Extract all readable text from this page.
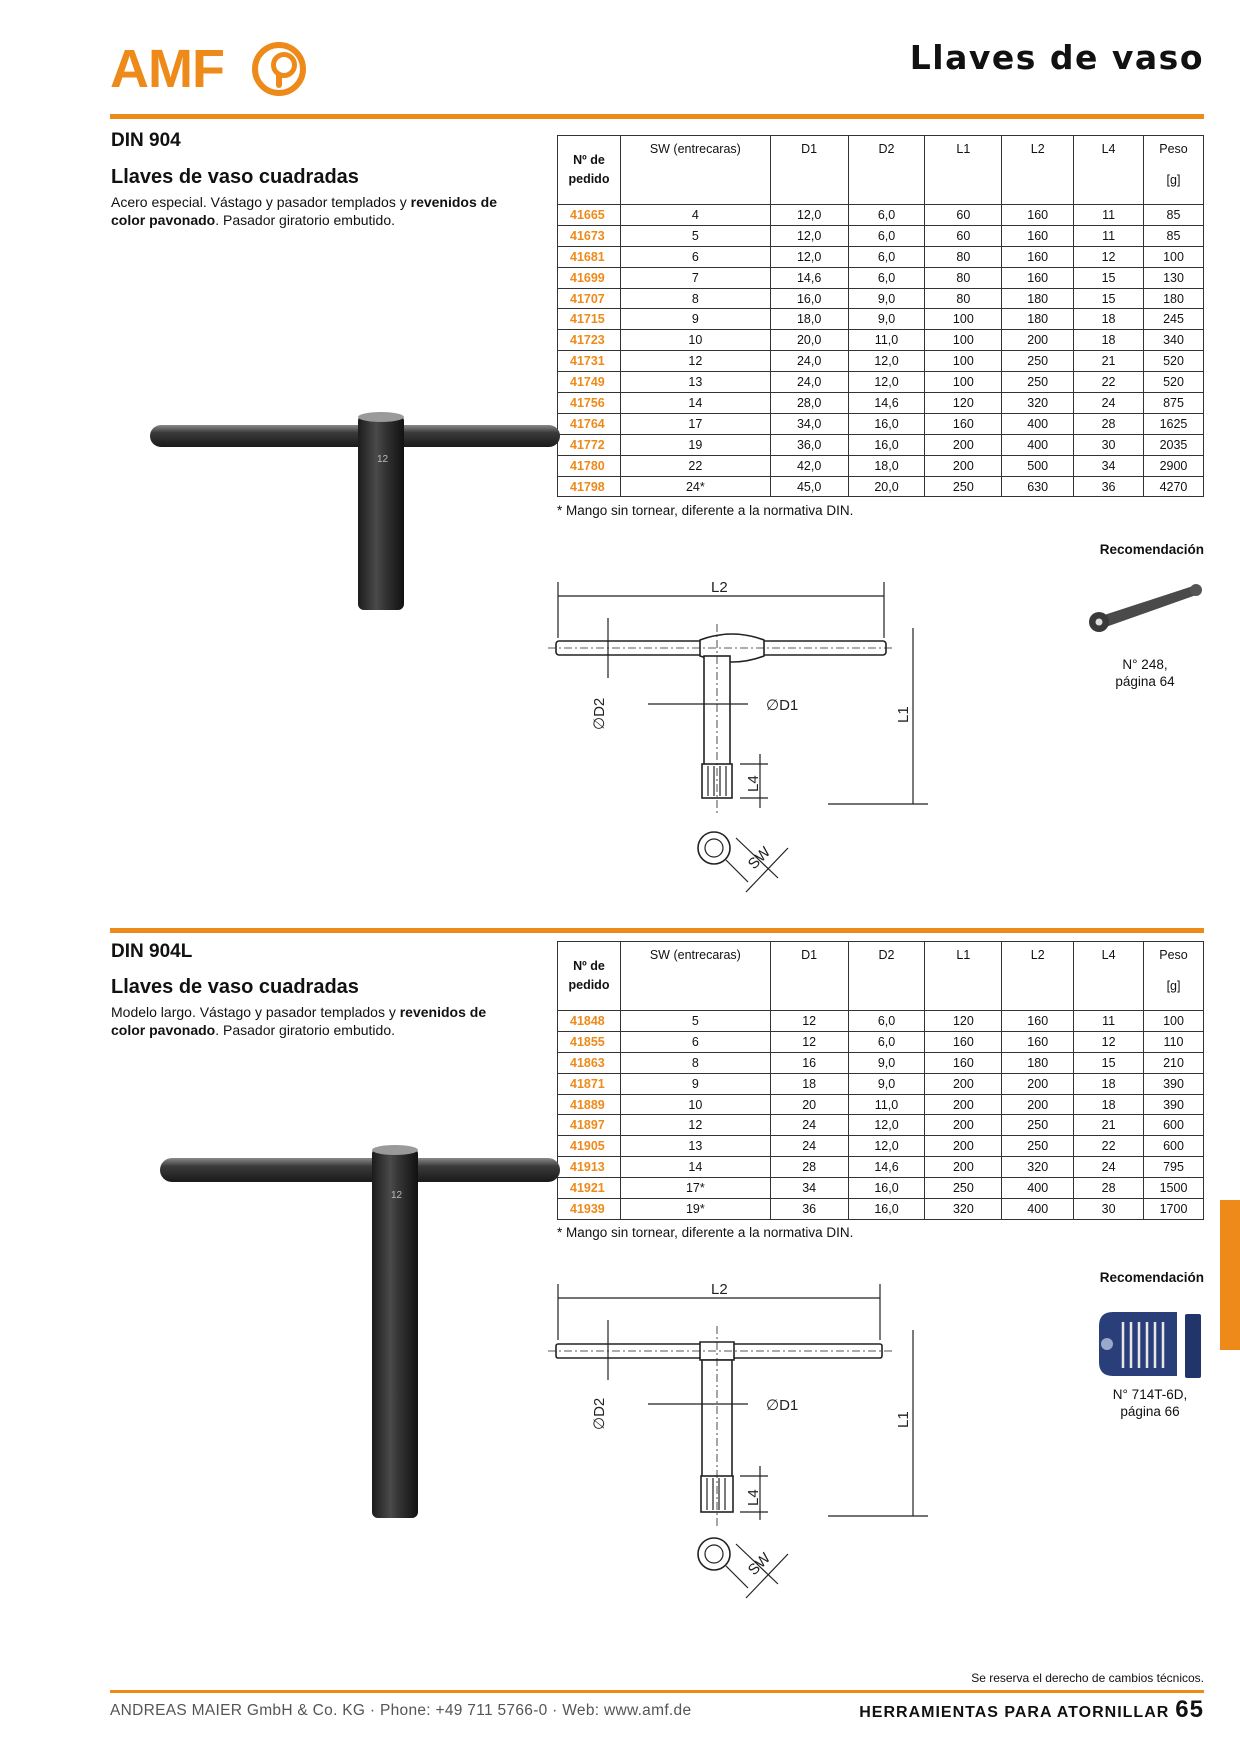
AMF	Llaves de vaso
DIN 904
Llaves de vaso cuadradas
Acero especial. Vástago y pasador templados y revenidos de color pavonado. Pasador giratorio embutido.
Nº de
pedido	SW (entrecaras)	D1	D2	L1	L2	L4	Peso
[g]

41665	4	12,0	6,0	60	160	11	85
41673	5	12,0	6,0	60	160	11	85
41681	6	12,0	6,0	80	160	12	100
41699	7	14,6	6,0	80	160	15	130
41707	8	16,0	9,0	80	180	15	180
41715	9	18,0	9,0	100	180	18	245
41723	10	20,0	11,0	100	200	18	340
41731	12	24,0	12,0	100	250	21	520
41749	13	24,0	12,0	100	250	22	520
41756	14	28,0	14,6	120	320	24	875
41764	17	34,0	16,0	160	400	28	1625
41772	19	36,0	16,0	200	400	30	2035
41780	22	42,0	18,0	200	500	34	2900
41798	24*	45,0	20,0	250	630	36	4270
* Mango sin tornear, diferente a la normativa DIN.
12
L2
∅D1
∅D2	L1
L4
SW
Recomendación
N° 248,
página 64
DIN 904L
Llaves de vaso cuadradas
Modelo largo. Vástago y pasador templados y revenidos de color pavonado. Pasador giratorio embutido.
Nº de
pedido	SW (entrecaras)	D1	D2	L1	L2	L4	Peso
[g]

41848	5	12	6,0	120	160	11	100
41855	6	12	6,0	160	160	12	110
41863	8	16	9,0	160	180	15	210
41871	9	18	9,0	200	200	18	390
41889	10	20	11,0	200	200	18	390
41897	12	24	12,0	200	250	21	600
41905	13	24	12,0	200	250	22	600
41913	14	28	14,6	200	320	24	795
41921	17*	34	16,0	250	400	28	1500
41939	19*	36	16,0	320	400	30	1700
* Mango sin tornear, diferente a la normativa DIN.
12
L2
∅D1
∅D2	L1
L4
SW
Recomendación
N° 714T-6D,
página 66
Se reserva el derecho de cambios técnicos.
ANDREAS MAIER GmbH & Co. KG · Phone: +49 711 5766-0 · Web: www.amf.de	HERRAMIENTAS PARA ATORNILLAR 65
